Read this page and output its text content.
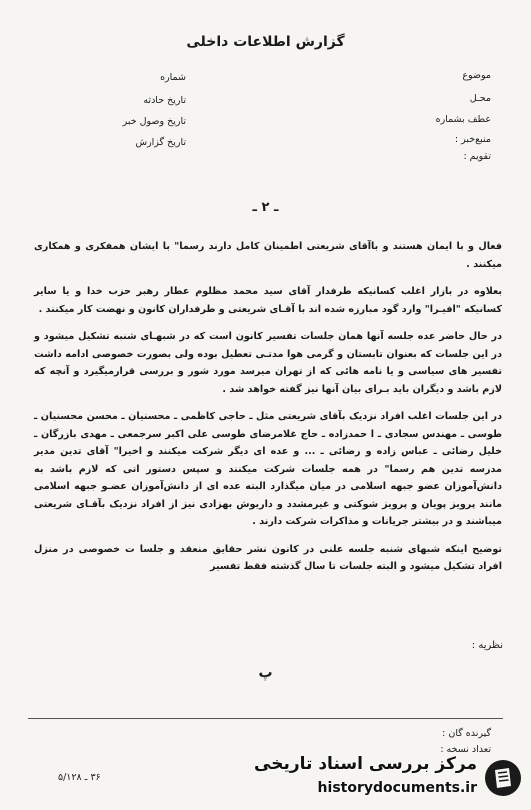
گزارش اطلاعات داخلی
موضوع
محـل
عطف بشماره
منبع‌خبر :
تقویم :
شماره
تاریخ حادثه
تاریخ وصول خبر
تاریخ گزارش
ـ ۲ ـ

فعال و با ایمان هستند و باآقای شریعتی اطمینان کامل دارند رسما" با ایشان همفکری و همکاری میکنند .

بعلاوه در بازار اغلب کسانیکه طرفدار آقای سید محمد مظلوم عطار رهبر حزب خدا و یا سایر کسانیکه "افیـرا" وارد گود مبارزه شده اند با آقـای شریعتی و طرفداران کانون و نهضت کار میکنند .

در حال حاضر عده جلسه آنها همان جلسات تفسیر کانون است که در شبهـای شنبه تشکیل میشود و در این جلسات که بعنوان تابستان و گرمی هوا مدتـی تعطیل بوده ولی بصورت خصوصی ادامه داشت تفسیر های سیاسی و یا نامه هائی که از تهران میرسد مورد شور و بررسی قرارمیگیرد و آنچه که لازم باشد و دیگران باید بـرای بیان آنها نیز گفته خواهد شد .

در این جلسات اغلب افراد نزدیک بآقای شریعتی مثل ـ حاجی کاظمی ـ محسنیان ـ محسن محسنیان ـ طوسی ـ مهندس سجادی ـ ا حمدزاده ـ حاج غلامرضای طوسی علی اکبر سرجمعی ـ مهدی بازرگان ـ خلیل رضائی ـ عباس زاده و رضائی ـ ... و عده ای دیگر شرکت میکنند و اخیرا" آقای تدین مدیر مدرسه تدین هم رسما" در همه جلسات شرکت میکنند و سپس دستور اتی که لازم باشد به دانش‌آموزان عضو جبهه اسلامی در میان میگذارد البته عده ای از دانش‌آموزان عضـو جبهه اسلامی مانند پرویز پویان و پرویز شوکتی و غیرمشدد و داریوش بهزادی نیز از افراد نزدیک بآقـای شریعتی میباشند و در بیشتر جریانات و مذاکرات شرکت دارند .

توضیح اینکه شبهای شنبه جلسه علنی در کانون نشر حقایق منعقد و جلسا ت خصوصی در منزل افراد تشکیل میشود و البته جلسات تا سال گذشته فقط تفسیر

نظریه :
پ
گیرنده گان :
تعداد نسخه :
۳۶ ـ ۵/۱۲۸
مرکز بررسی اسناد تاریخی
historydocuments.ir
